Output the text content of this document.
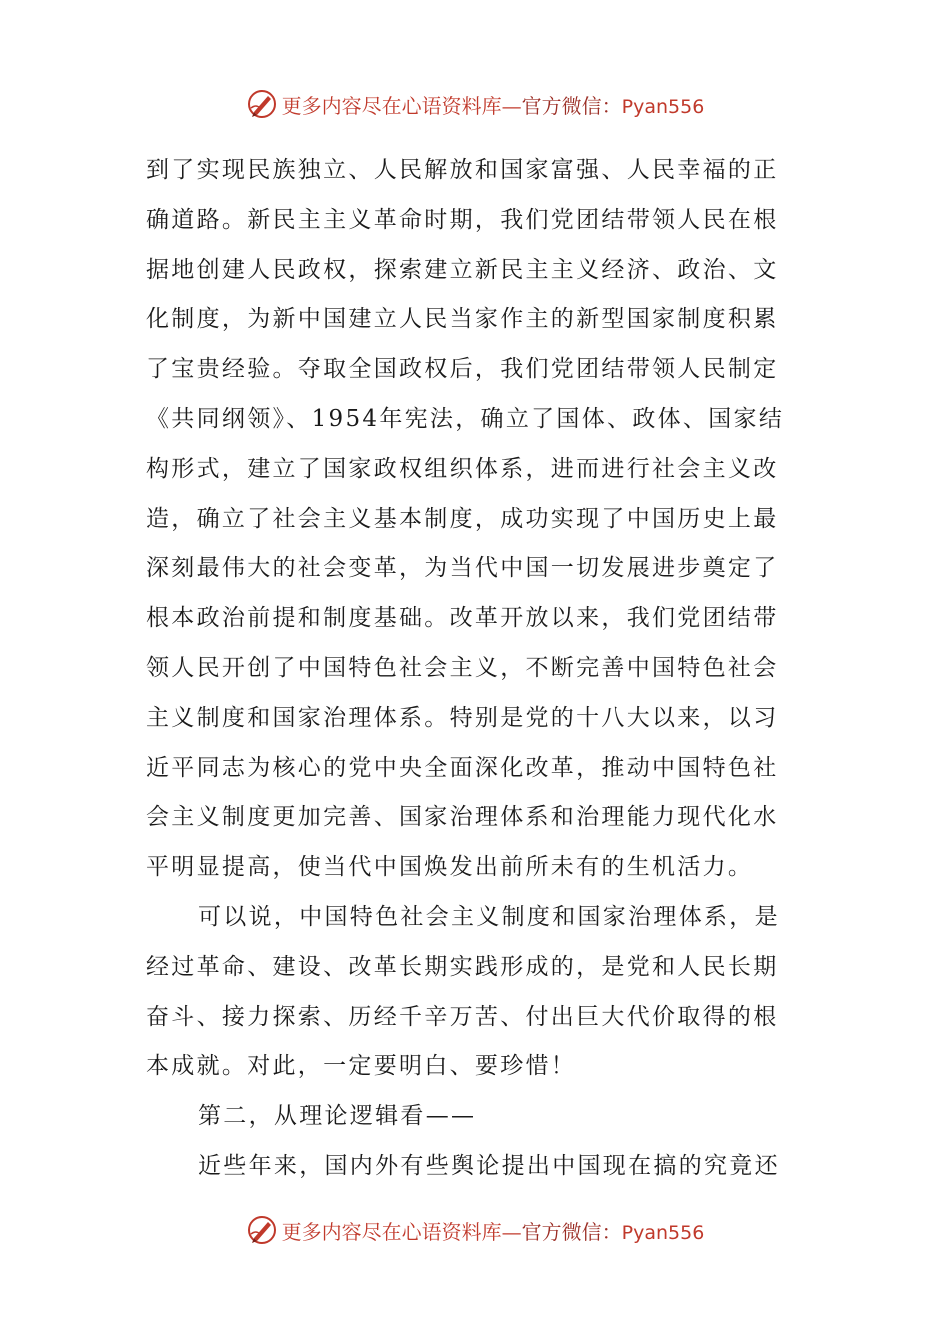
更多内容尽在心语资料库—官方微信：Pyan556
到了实现民族独立、人民解放和国家富强、人民幸福的正
确道路。新民主主义革命时期，我们党团结带领人民在根
据地创建人民政权，探索建立新民主主义经济、政治、文
化制度，为新中国建立人民当家作主的新型国家制度积累
了宝贵经验。夺取全国政权后，我们党团结带领人民制定
《共同纲领》、1954年宪法，确立了国体、政体、国家结
构形式，建立了国家政权组织体系，进而进行社会主义改
造，确立了社会主义基本制度，成功实现了中国历史上最
深刻最伟大的社会变革，为当代中国一切发展进步奠定了
根本政治前提和制度基础。改革开放以来，我们党团结带
领人民开创了中国特色社会主义，不断完善中国特色社会
主义制度和国家治理体系。特别是党的十八大以来，以习
近平同志为核心的党中央全面深化改革，推动中国特色社
会主义制度更加完善、国家治理体系和治理能力现代化水
平明显提高，使当代中国焕发出前所未有的生机活力。
可以说，中国特色社会主义制度和国家治理体系，是
经过革命、建设、改革长期实践形成的，是党和人民长期
奋斗、接力探索、历经千辛万苦、付出巨大代价取得的根
本成就。对此，一定要明白、要珍惜！
第二，从理论逻辑看——
近些年来，国内外有些舆论提出中国现在搞的究竟还
更多内容尽在心语资料库—官方微信：Pyan556
